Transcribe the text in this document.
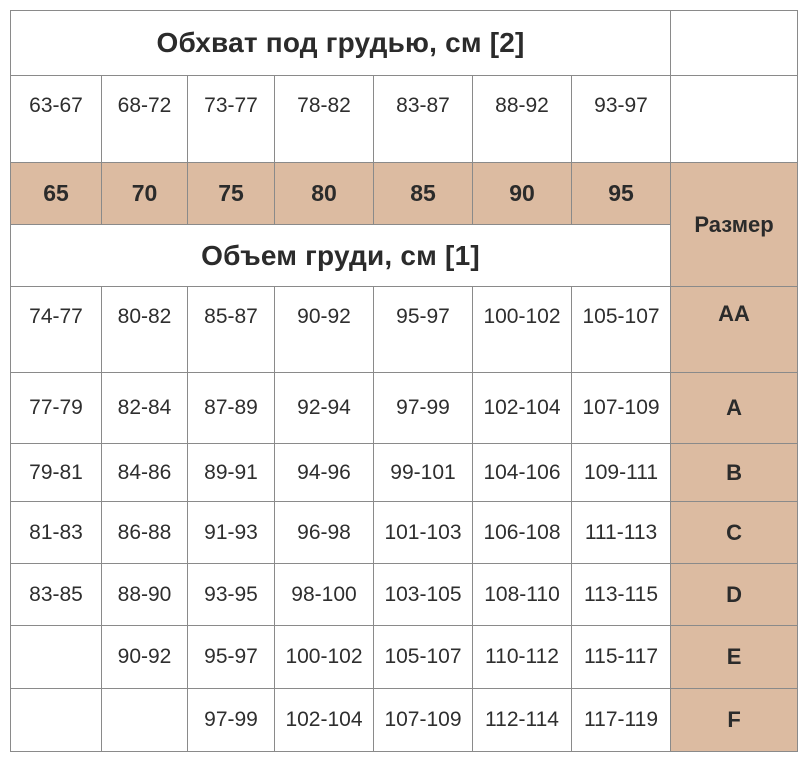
Обхват под грудью, см [2]							
63-67	68-72	73-77	78-82	83-87	88-92	93-97	
65	70	75	80	85	90	95	Размер
Объем груди, см [1]							
74-77	80-82	85-87	90-92	95-97	100-102	105-107	AA
77-79	82-84	87-89	92-94	97-99	102-104	107-109	A
79-81	84-86	89-91	94-96	99-101	104-106	109-111	B
81-83	86-88	91-93	96-98	101-103	106-108	111-113	C
83-85	88-90	93-95	98-100	103-105	108-110	113-115	D
	90-92	95-97	100-102	105-107	110-112	115-117	E
		97-99	102-104	107-109	112-114	117-119	F
